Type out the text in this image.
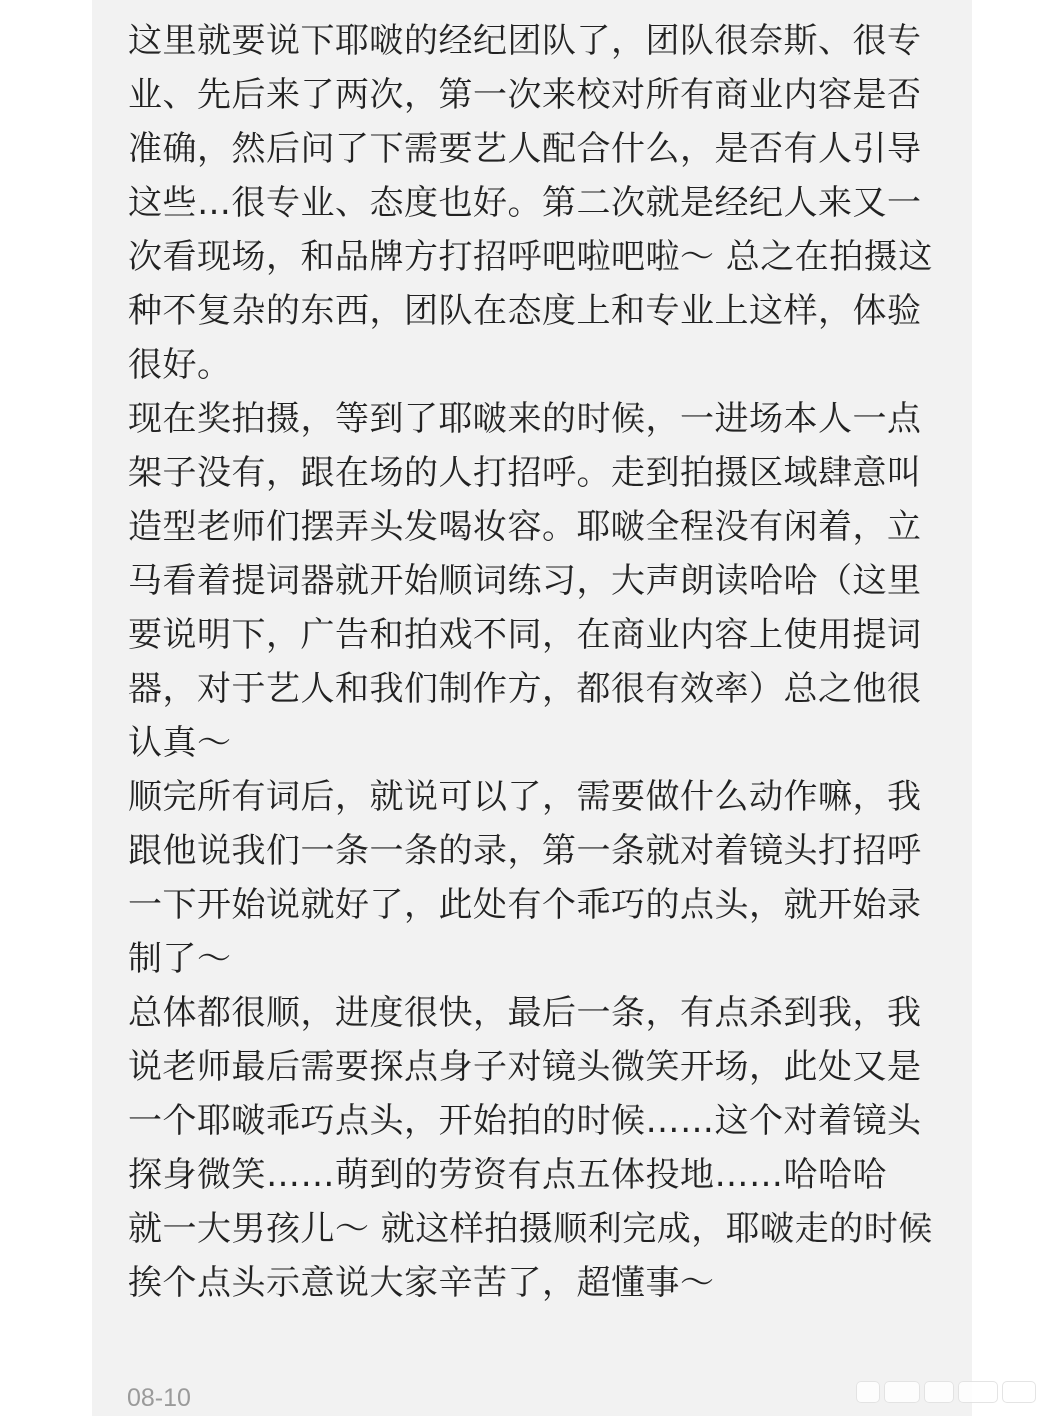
这里就要说下耶啵的经纪团队了，团队很奈斯、很专业、先后来了两次，第一次来校对所有商业内容是否准确，然后问了下需要艺人配合什么，是否有人引导这些…很专业、态度也好。第二次就是经纪人来又一次看现场，和品牌方打招呼吧啦吧啦～ 总之在拍摄这种不复杂的东西，团队在态度上和专业上这样，体验很好。

现在奖拍摄，等到了耶啵来的时候，一进场本人一点架子没有，跟在场的人打招呼。走到拍摄区域肆意叫造型老师们摆弄头发喝妆容。耶啵全程没有闲着，立马看着提词器就开始顺词练习，大声朗读哈哈（这里要说明下，广告和拍戏不同，在商业内容上使用提词器，对于艺人和我们制作方，都很有效率）总之他很认真～

顺完所有词后，就说可以了，需要做什么动作嘛，我跟他说我们一条一条的录，第一条就对着镜头打招呼一下开始说就好了，此处有个乖巧的点头，就开始录制了～

总体都很顺，进度很快，最后一条，有点杀到我，我说老师最后需要探点身子对镜头微笑开场，此处又是一个耶啵乖巧点头，开始拍的时候……这个对着镜头探身微笑……萌到的劳资有点五体投地……哈哈哈

就一大男孩儿～ 就这样拍摄顺利完成，耶啵走的时候挨个点头示意说大家辛苦了，超懂事～

08-10
